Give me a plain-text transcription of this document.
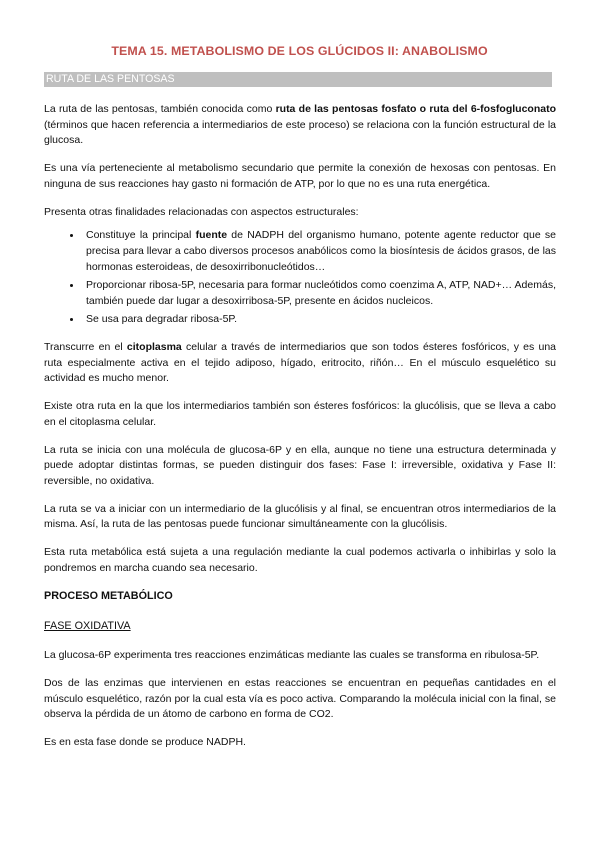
TEMA 15. METABOLISMO DE LOS GLÚCIDOS II: ANABOLISMO
RUTA DE LAS PENTOSAS

La ruta de las pentosas, también conocida como ruta de las pentosas fosfato o ruta del 6-fosfogluconato (términos que hacen referencia a intermediarios de este proceso) se relaciona con la función estructural de la glucosa.

Es una vía perteneciente al metabolismo secundario que permite la conexión de hexosas con pentosas. En ninguna de sus reacciones hay gasto ni formación de ATP, por lo que no es una ruta energética.

Presenta otras finalidades relacionadas con aspectos estructurales:

• Constituye la principal fuente de NADPH del organismo humano, potente agente reductor que se precisa para llevar a cabo diversos procesos anabólicos como la biosíntesis de ácidos grasos, de las hormonas esteroideas, de desoxirribonucleótidos…
• Proporcionar ribosa-5P, necesaria para formar nucleótidos como coenzima A, ATP, NAD+… Además, también puede dar lugar a desoxirribosa-5P, presente en ácidos nucleicos.
• Se usa para degradar ribosa-5P.

Transcurre en el citoplasma celular a través de intermediarios que son todos ésteres fosfóricos, y es una ruta especialmente activa en el tejido adiposo, hígado, eritrocito, riñón… En el músculo esquelético su actividad es mucho menor.

Existe otra ruta en la que los intermediarios también son ésteres fosfóricos: la glucólisis, que se lleva a cabo en el citoplasma celular.

La ruta se inicia con una molécula de glucosa-6P y en ella, aunque no tiene una estructura determinada y puede adoptar distintas formas, se pueden distinguir dos fases: Fase I: irreversible, oxidativa y Fase II: reversible, no oxidativa.

La ruta se va a iniciar con un intermediario de la glucólisis y al final, se encuentran otros intermediarios de la misma. Así, la ruta de las pentosas puede funcionar simultáneamente con la glucólisis.

Esta ruta metabólica está sujeta a una regulación mediante la cual podemos activarla o inhibirlas y solo la pondremos en marcha cuando sea necesario.

PROCESO METABÓLICO
FASE OXIDATIVA

La glucosa-6P experimenta tres reacciones enzimáticas mediante las cuales se transforma en ribulosa-5P.

Dos de las enzimas que intervienen en estas reacciones se encuentran en pequeñas cantidades en el músculo esquelético, razón por la cual esta vía es poco activa. Comparando la molécula inicial con la final, se observa la pérdida de un átomo de carbono en forma de CO2.

Es en esta fase donde se produce NADPH.
